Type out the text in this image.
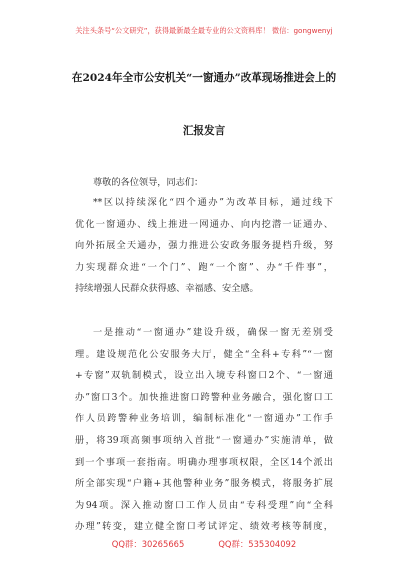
关注头条号“公文研究”，获得最新最全最专业的公文资料库！ 微信：gongwenyj
在2024年全市公安机关“一窗通办”改革现场推进会上的
汇报发言
尊敬的各位领导，同志们：
**区以持续深化“四个通办”为改革目标，通过线下
优化一窗通办、线上推进一网通办、向内挖潜一证通办、
向外拓展全天通办，强力推进公安政务服务提档升级，努
力实现群众进“一个门”、跑“一个窗”、办“千件事”，
持续增强人民群众获得感、幸福感、安全感。
一是推动“一窗通办”建设升级，确保一窗无差别受
理。建设规范化公安服务大厅，健全“全科+专科”“一窗
+专窗”双轨制模式，设立出入境专科窗口2个、“一窗通
办”窗口3个。加快推进窗口跨警种业务融合，强化窗口工
作人员跨警种业务培训，编制标准化“一窗通办”工作手
册，将39项高频事项纳入首批“一窗通办”实施清单，做
到一个事项一套指南。明确办理事项权限，全区14个派出
所全部实现“户籍+其他警种业务”服务模式，将服务扩展
为94项。深入推动窗口工作人员由“专科受理”向“全科
办理”转变，建立健全窗口考试评定、绩效考核等制度，
QQ群：30265665	QQ群：535304092
